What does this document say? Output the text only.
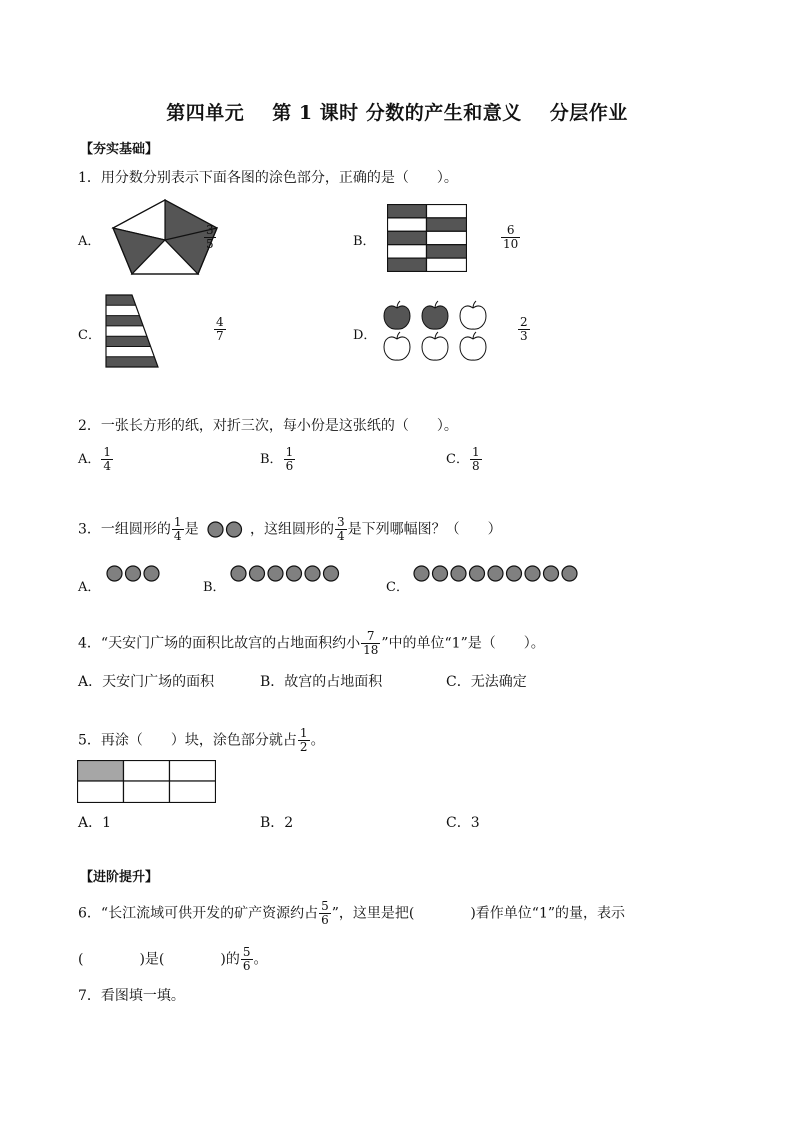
第四单元 第 1 课时 分数的产生和意义 分层作业
【夯实基础】
1．用分数分别表示下面各图的涂色部分，正确的是（　　）。
A．	$\frac{3}{5}$	B．	$\frac{6}{10}$
C．	$\frac{4}{7}$	D．	$\frac{2}{3}$
2．一张长方形的纸，对折三次，每小份是这张纸的（　　）。
A． $\frac{1}{4}$	B． $\frac{1}{6}$	C． $\frac{1}{8}$
3．一组圆形的 $\frac{1}{4}$ 是	，这组圆形的 $\frac{3}{4}$ 是下列哪幅图？（　　）
A．	B．	C．
4．“天安门广场的面积比故宫的占地面积约小 $\frac{7}{18}$ ”中的单位“1”是（　　）。
A．天安门广场的面积	B．故宫的占地面积	C．无法确定
5．再涂（　　）块，涂色部分就占 $\frac{1}{2}$ 。
A．1	B．2	C．3
【进阶提升】
6．“长江流域可供开发的矿产资源约占 $\frac{5}{6}$ ”，这里是把(　　　　)看作单位“1”的量，表示
(　　　　)是(　　　　)的 $\frac{5}{6}$ 。
7．看图填一填。
